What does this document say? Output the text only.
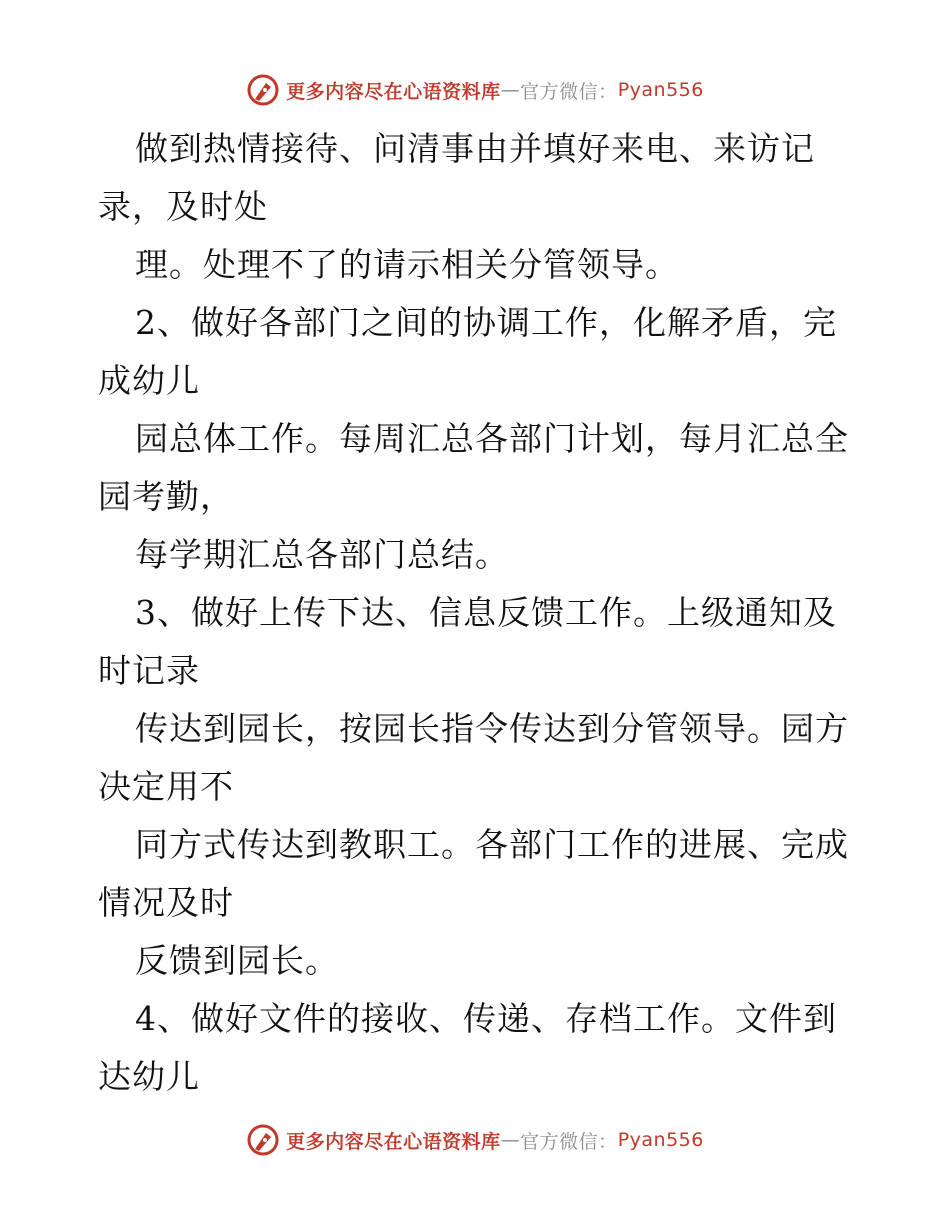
更多内容尽在心语资料库 — 官方微信： Pyan556
做到热情接待、问清事由并填好来电、来访记
录，及时处
理。处理不了的请示相关分管领导。
2、做好各部门之间的协调工作，化解矛盾，完
成幼儿
园总体工作。每周汇总各部门计划，每月汇总全
园考勤，
每学期汇总各部门总结。
3、做好上传下达、信息反馈工作。上级通知及
时记录
传达到园长，按园长指令传达到分管领导。园方
决定用不
同方式传达到教职工。各部门工作的进展、完成
情况及时
反馈到园长。
4、做好文件的接收、传递、存档工作。文件到
达幼儿
更多内容尽在心语资料库 — 官方微信： Pyan556
